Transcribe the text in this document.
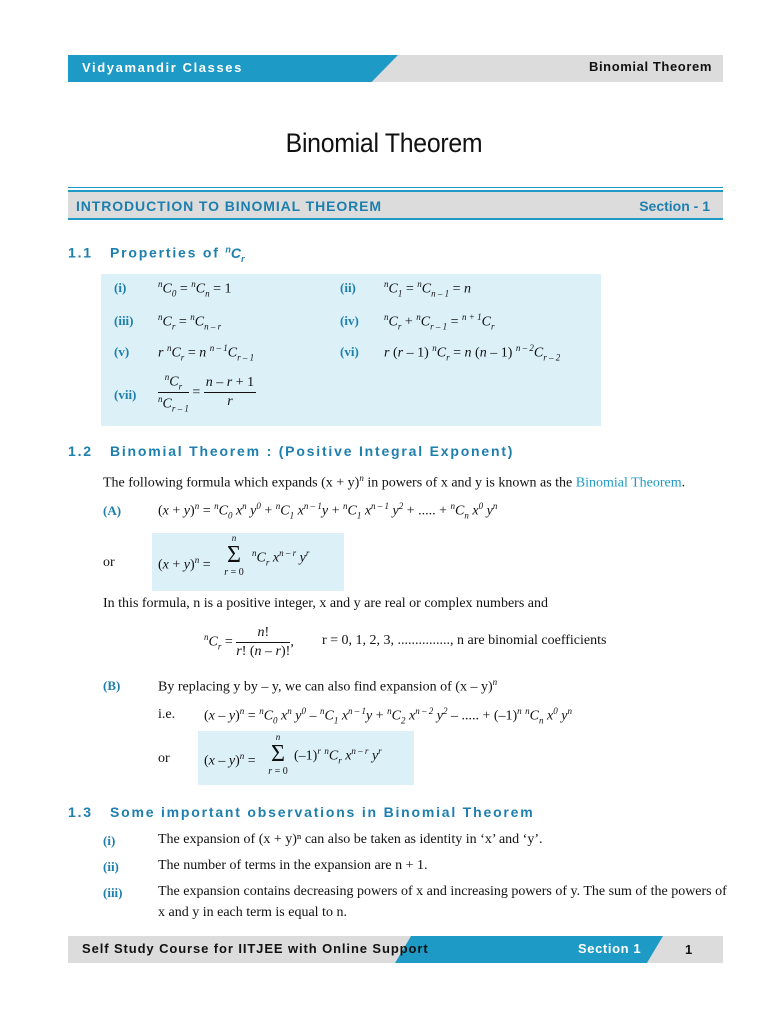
Vidyamandir Classes	Binomial Theorem
Binomial Theorem
INTRODUCTION TO BINOMIAL THEOREM	Section - 1
1.1 Properties of $^nC_r$
(i)	$^nC_0 = ^nC_n = 1$	(ii)	$^nC_1 = ^nC_{n - 1} = n$
(iii)	$^nC_r = ^nC_{n - r}$	(iv)	$^nC_r + ^nC_{r - 1} = ^{n + 1}C_r$
(v) r $^nC_r = n$ $^{n - 1}C_{r - 1}$	(vi) r (r – 1) $^nC_r = n$ (n – 1) $^{n - 2}C_{r - 2}$
$(vii) \frac{^nC_r}{^nC_{r - 1}} = \frac{n - r + 1}{r}$
1.2 Binomial Theorem : (Positive Integral Exponent)
The following formula which expands $(x + y)^n$ in powers of x and y is known as the Binomial Theorem.
(A)	$(x + y)^n = ^nC_0$ $x^n$ $y^0 + ^nC_1$ $x^{n - 1}y + ^nC_1$ $x^{n - 1}$ $y^2$ + ..... + $^nC_n$ $x^0$ $y^n$
or	$(x + y)^n$ =
n
Σ
r = 0
$^nC_r$ $x^{n - r}$ $y^r$
In this formula, n is a positive integer, x and y are real or complex numbers and
$^nC_r = \frac{n!}{r! (n - r)!}$ , r = 0, 1, 2, 3, ..............., n are binomial coefficients
(B)	By replacing y by – y, we can also find expansion of (x – y)$^n$
i.e. $(x - y)^n = ^nC_0$ $x^n$ $y^0 - ^nC_1$ $x^{n - 1}y + ^nC_2$ $x^{n - 2}$ $y^2$ – ..... + $(-1)^n$ $^nC_n$ $x^0$ $y^n$
or (x – y)$^n$ =
n
Σ
r = 0
$(-1)^r$ $^nC_r$ $x^{n - r}$ $y^r$
1.3 Some important observations in Binomial Theorem
(i)	The expansion of (x + y)ⁿ can also be taken as identity in ‘x’ and ‘y’.
(ii)	The number of terms in the expansion are n + 1.
(iii)	The expansion contains decreasing powers of x and increasing powers of y. The sum of the powers of
x and y in each term is equal to n.
Self Study Course for IITJEE with Online Support	Section 1	1
